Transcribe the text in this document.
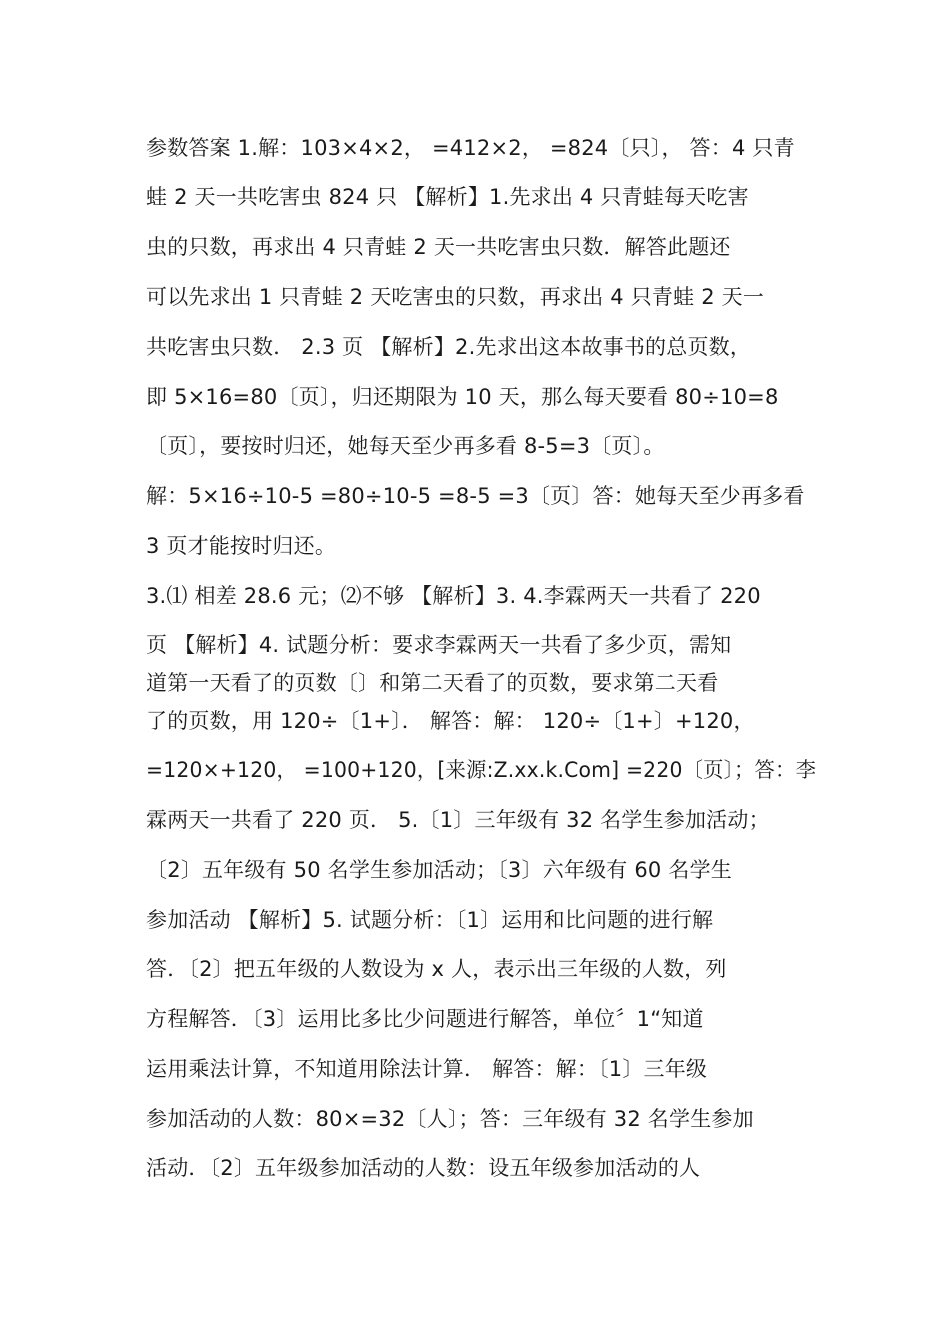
参数答案 1.解：103×4×2， =412×2， =824〔只〕， 答：4 只青
蛙 2 天一共吃害虫 824 只 【解析】1.先求出 4 只青蛙每天吃害
虫的只数，再求出 4 只青蛙 2 天一共吃害虫只数．解答此题还
可以先求出 1 只青蛙 2 天吃害虫的只数，再求出 4 只青蛙 2 天一
共吃害虫只数． 2.3 页 【解析】2.先求出这本故事书的总页数，
即 5×16=80〔页〕，归还期限为 10 天，那么每天要看 80÷10=8
〔页〕，要按时归还，她每天至少再多看 8-5=3〔页〕。
解：5×16÷10-5 =80÷10-5 =8-5 =3〔页〕答：她每天至少再多看
3 页才能按时归还。
3.⑴ 相差 28.6 元；⑵不够 【解析】3. 4.李霖两天一共看了 220
页 【解析】4. 试题分析：要求李霖两天一共看了多少页，需知
道第一天看了的页数〔〕和第二天看了的页数，要求第二天看
了的页数，用 120÷〔1+〕． 解答：解： 120÷〔1+〕+120，
=120×+120， =100+120，[来源:Z.xx.k.Com] =220〔页〕；答：李
霖两天一共看了 220 页． 5.〔1〕三年级有 32 名学生参加活动；
〔2〕五年级有 50 名学生参加活动；〔3〕六年级有 60 名学生
参加活动 【解析】5. 试题分析：〔1〕运用和比问题的进行解
答．〔2〕把五年级的人数设为 x 人，表示出三年级的人数，列
方程解答．〔3〕运用比多比少问题进行解答，单位〞1“知道
运用乘法计算，不知道用除法计算． 解答：解：〔1〕三年级
参加活动的人数：80×=32〔人〕；答：三年级有 32 名学生参加
活动．〔2〕五年级参加活动的人数：设五年级参加活动的人
